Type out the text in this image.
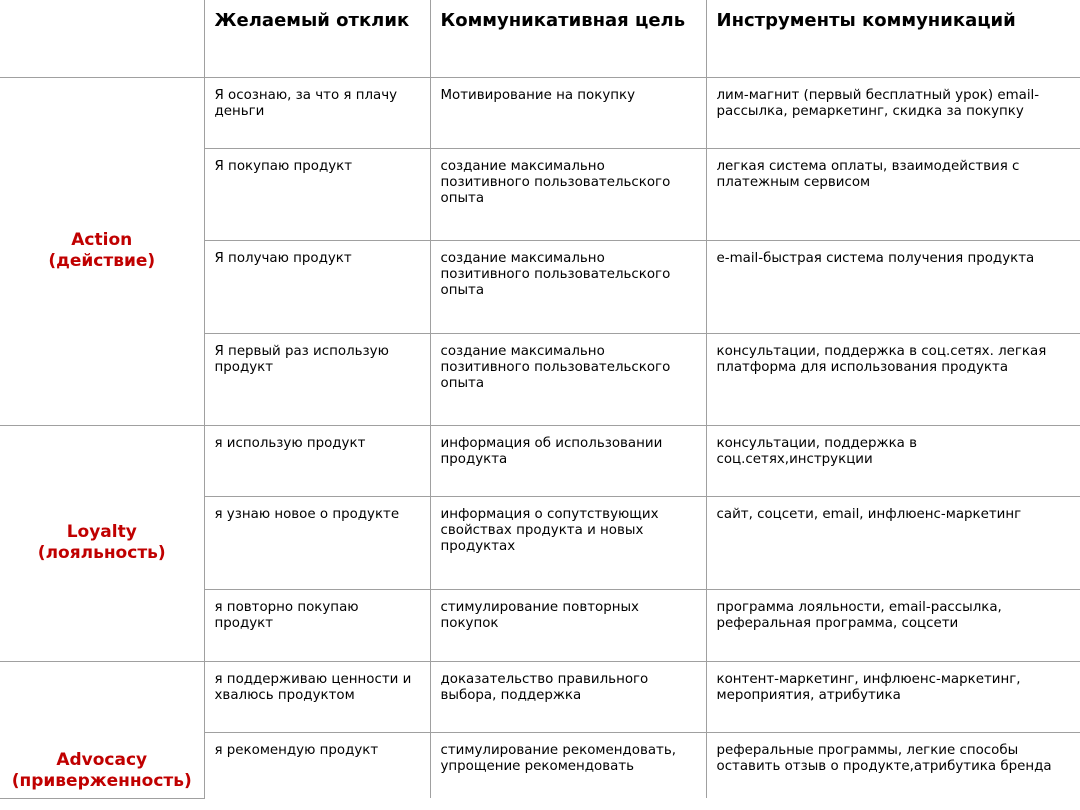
	Желаемый отклик	Коммуникативная цель	Инструменты коммуникаций

Action
(действие)	Я осознаю, за что я плачу деньги	Мотивирование на покупку	лим-магнит (первый бесплатный урок) email-рассылка, ремаркетинг, скидка за покупку
	Я покупаю продукт	создание максимально позитивного пользовательского опыта	легкая система оплаты, взаимодействия с платежным сервисом
	Я получаю продукт	создание максимально позитивного пользовательского опыта	e-mail-быстрая система получения продукта
	Я первый раз использую продукт	создание максимально позитивного пользовательского опыта	консультации, поддержка в соц.сетях. легкая платформа для использования продукта

Loyalty
(лояльность)	я использую продукт	информация об использовании продукта	консультации, поддержка в соц.сетях,инструкции
	я узнаю новое о продукте	информация о сопутствующих свойствах продукта и новых продуктах	сайт, соцсети, email, инфлюенс-маркетинг
	я повторно покупаю продукт	стимулирование повторных покупок	программа лояльности, email-рассылка, реферальная программа, соцсети

Advocacy
(приверженность)	я поддерживаю ценности и хвалюсь продуктом	доказательство правильного выбора, поддержка	контент-маркетинг, инфлюенс-маркетинг, мероприятия, атрибутика
	я рекомендую продукт	стимулирование рекомендовать, упрощение рекомендовать	реферальные программы, легкие способы оставить отзыв о продукте,атрибутика бренда
